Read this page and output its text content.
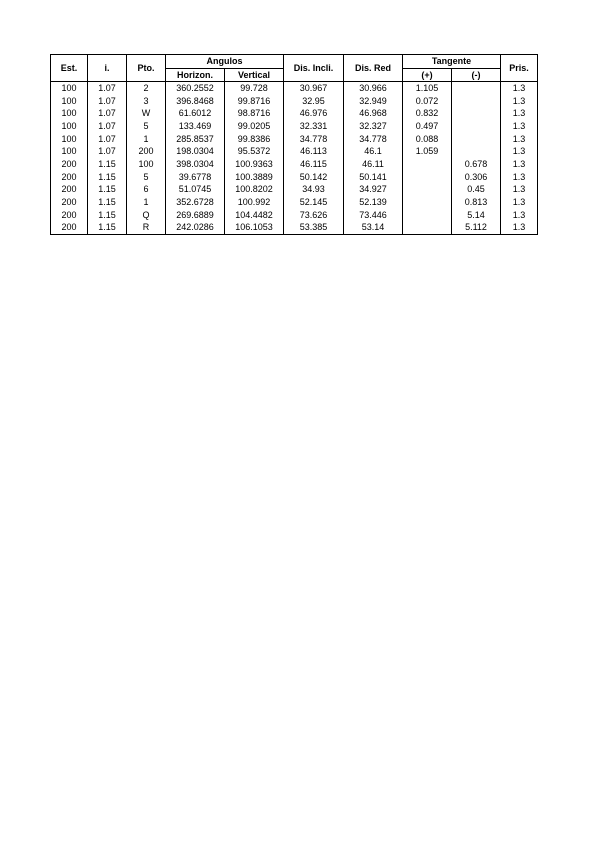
Est.	i.	Pto.	Angulos		Dis. Incli.	Dis. Red	Tangente		Pris.
			Horizon.	Vertical			(+)	(-)	
100	1.07	2	360.2552	99.728	30.967	30.966	1.105		1.3
100	1.07	3	396.8468	99.8716	32.95	32.949	0.072		1.3
100	1.07	W	61.6012	98.8716	46.976	46.968	0.832		1.3
100	1.07	5	133.469	99.0205	32.331	32.327	0.497		1.3
100	1.07	1	285.8537	99.8386	34.778	34.778	0.088		1.3
100	1.07	200	198.0304	95.5372	46.113	46.1	1.059		1.3
200	1.15	100	398.0304	100.9363	46.115	46.11		0.678	1.3
200	1.15	5	39.6778	100.3889	50.142	50.141		0.306	1.3
200	1.15	6	51.0745	100.8202	34.93	34.927		0.45	1.3
200	1.15	1	352.6728	100.992	52.145	52.139		0.813	1.3
200	1.15	Q	269.6889	104.4482	73.626	73.446		5.14	1.3
200	1.15	R	242.0286	106.1053	53.385	53.14		5.112	1.3
